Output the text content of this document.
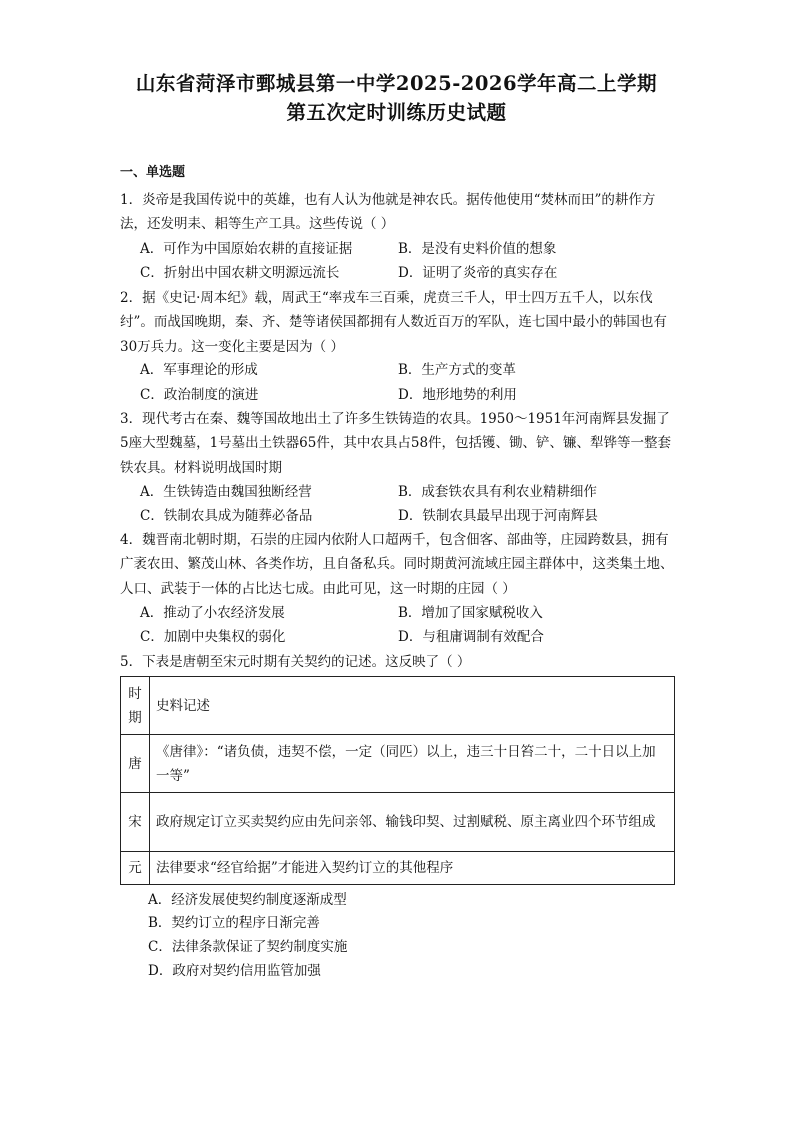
山东省菏泽市鄄城县第一中学2025-2026学年高二上学期
第五次定时训练历史试题
一、单选题
1．炎帝是我国传说中的英雄，也有人认为他就是神农氏。据传他使用“焚林而田”的耕作方法，还发明耒、耜等生产工具。这些传说（ ）
A．可作为中国原始农耕的直接证据	B．是没有史料价值的想象
C．折射出中国农耕文明源远流长	D．证明了炎帝的真实存在
2．据《史记·周本纪》载，周武王“率戎车三百乘，虎贲三千人，甲士四万五千人，以东伐纣”。而战国晚期，秦、齐、楚等诸侯国都拥有人数近百万的军队，连七国中最小的韩国也有30万兵力。这一变化主要是因为（ ）
A．军事理论的形成	B．生产方式的变革
C．政治制度的演进	D．地形地势的利用
3．现代考古在秦、魏等国故地出土了许多生铁铸造的农具。1950～1951年河南辉县发掘了5座大型魏墓，1号墓出土铁器65件，其中农具占58件，包括镬、锄、铲、镰、犁铧等一整套铁农具。材料说明战国时期
A．生铁铸造由魏国独断经营	B．成套铁农具有利农业精耕细作
C．铁制农具成为随葬必备品	D．铁制农具最早出现于河南辉县
4．魏晋南北朝时期，石崇的庄园内依附人口超两千，包含佃客、部曲等，庄园跨数县，拥有广袤农田、繁茂山林、各类作坊，且自备私兵。同时期黄河流域庄园主群体中，这类集土地、人口、武装于一体的占比达七成。由此可见，这一时期的庄园（ ）
A．推动了小农经济发展	B．增加了国家赋税收入
C．加剧中央集权的弱化	D．与租庸调制有效配合
5．下表是唐朝至宋元时期有关契约的记述。这反映了（ ）
时
期	史料记述
唐	《唐律》：“诸负债，违契不偿，一定（同匹）以上，违三十日笞二十，二十日以上加一等”
宋	政府规定订立买卖契约应由先问亲邻、输钱印契、过割赋税、原主离业四个环节组成
元	法律要求“经官给据”才能进入契约订立的其他程序
A．经济发展使契约制度逐渐成型
B．契约订立的程序日渐完善
C．法律条款保证了契约制度实施
D．政府对契约信用监管加强
